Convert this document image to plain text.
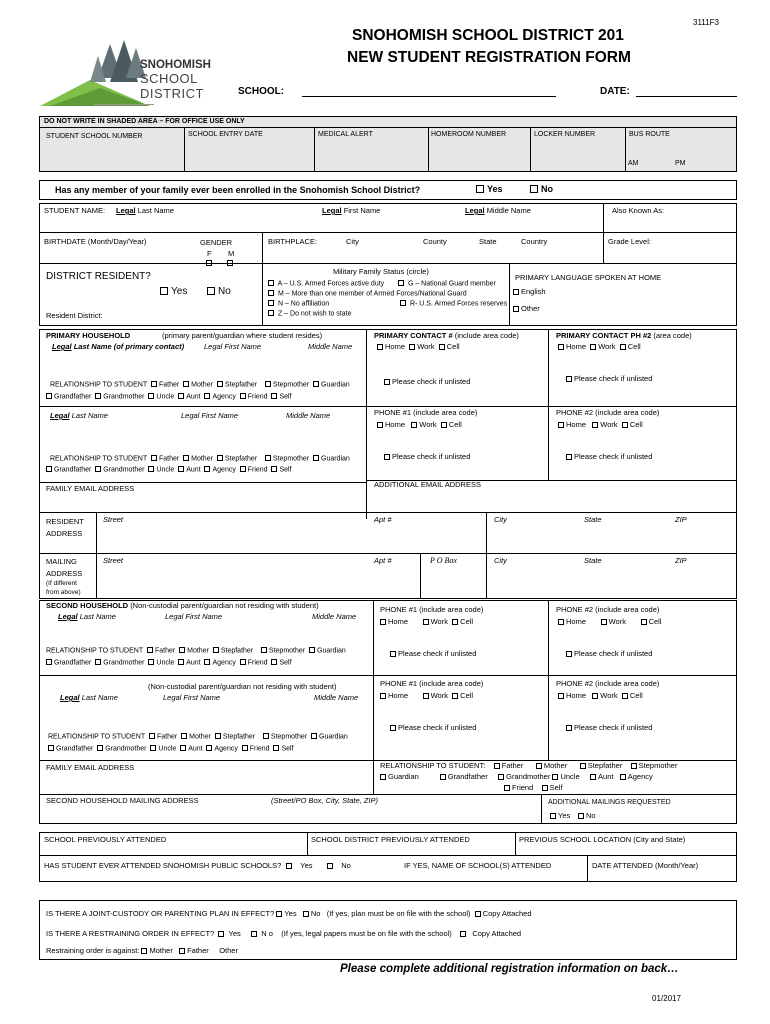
3111F3
SNOHOMISH SCHOOL DISTRICT 201
NEW STUDENT REGISTRATION FORM
SNOHOMISH
SCHOOL
DISTRICT	SCHOOL:	DATE:
DO NOT WRITE IN SHADED AREA – FOR OFFICE USE ONLY
STUDENT SCHOOL NUMBER	SCHOOL ENTRY DATE	MEDICAL ALERT	HOMEROOM NUMBER	LOCKER NUMBER	BUS ROUTE
AM	PM
Has any member of your family ever been enrolled in the Snohomish School District?	Yes	No
STUDENT NAME: Legal Last Name	Legal First Name	Legal Middle Name	Also Known As:
BIRTHDATE (Month/Day/Year)	GENDER
F M
BIRTHPLACE:	City	County	State	Country	Grade Level:
DISTRICT RESIDENT?
Yes	No
Resident District:
Military Family Status (circle)
A – U.S. Armed Forces active duty	G – National Guard member
M – More than one member of Armed Forces/National Guard
N – No affiliation	R- U.S. Armed Forces reserves
Z – Do not wish to state
PRIMARY LANGUAGE SPOKEN AT HOME
English
Other
PRIMARY HOUSEHOLD	(primary parent/guardian where student resides)
Legal Last Name (of primary contact)	Legal First Name	Middle Name
RELATIONSHIP TO STUDENT Father Mother Stepfather Stepmother Guardian
Grandfather Grandmother Uncle Aunt Agency Friend Self
Legal Last Name	Legal First Name	Middle Name
RELATIONSHIP TO STUDENT Father Mother Stepfather Stepmother Guardian
Grandfather Grandmother Uncle Aunt Agency Friend Self
PRIMARY CONTACT # (include area code)	PRIMARY CONTACT PH #2 (area code)
Home Work Cell	Home Work Cell
Please check if unlisted	Please check if unlisted
PHONE #1 (include area code)	PHONE #2 (include area code)
Home Work Cell	Home Work Cell
Please check if unlisted	Please check if unlisted
FAMILY EMAIL ADDRESS	ADDITIONAL EMAIL ADDRESS
RESIDENT
ADDRESS
Street	Apt #	City	State	ZIP
MAILING
ADDRESS
(If different
from above)
Street	Apt #	P O Box	City	State	ZIP
SECOND HOUSEHOLD (Non-custodial parent/guardian not residing with student)
Legal Last Name	Legal First Name	Middle Name
RELATIONSHIP TO STUDENT Father Mother Stepfather Stepmother Guardian
Grandfather Grandmother Uncle Aunt Agency Friend Self
(Non-custodial parent/guardian not residing with student)
Legal Last Name	Legal First Name	Middle Name
RELATIONSHIP TO STUDENT Father Mother Stepfather Stepmother Guardian
Grandfather Grandmother Uncle Aunt Agency Friend Self
PHONE #1 (include area code)	PHONE #2 (include area code)
Home	Work Cell	Home	Work	Cell
Please check if unlisted	Please check if unlisted
PHONE #1 (include area code)	PHONE #2 (include area code)
Home	Work Cell	Home Work Cell
Please check if unlisted	Please check if unlisted
FAMILY EMAIL ADDRESS	RELATIONSHIP TO STUDENT: Father	Mother	Stepfather Stepmother
Guardian	Grandfather Grandmother Uncle Aunt Agency
Friend Self
SECOND HOUSEHOLD MAILING ADDRESS	(Street/PO Box, City, State, ZIP)	ADDITIONAL MAILINGS REQUESTED
Yes	No
SCHOOL PREVIOUSLY ATTENDED	SCHOOL DISTRICT PREVIOUSLY ATTENDED	PREVIOUS SCHOOL LOCATION (City and State)
HAS STUDENT EVER ATTENDED SNOHOMISH PUBLIC SCHOOLS?	Yes	No	IF YES, NAME OF SCHOOL(S) ATTENDED	DATE ATTENDED (Month/Year)
IS THERE A JOINT-CUSTODY OR PARENTING PLAN IN EFFECT? Yes No (If yes, plan must be on file with the school) Copy Attached
IS THERE A RESTRAINING ORDER IN EFFECT? Yes	N o (If yes, legal papers must be on file with the school)	Copy Attached
Restraining order is against: Mother Father Other
Please complete additional registration information on back…
01/2017
